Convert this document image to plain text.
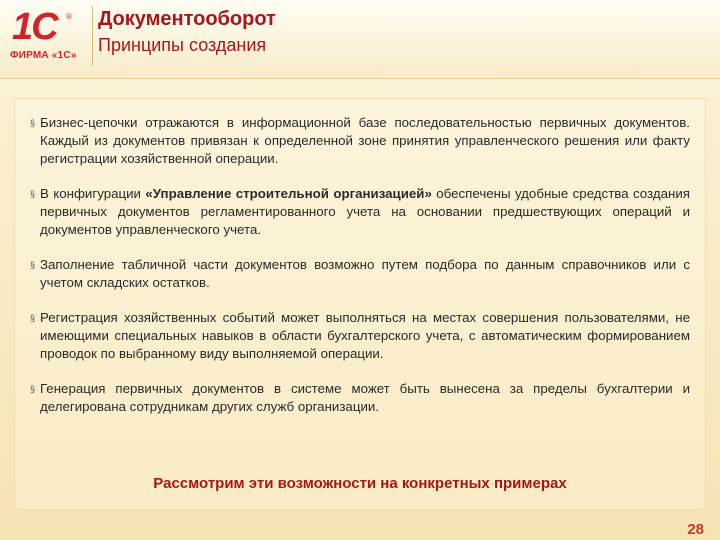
1С ®
ФИРМА «1С»
Документооборот
Принципы создания
§ Бизнес-цепочки отражаются в информационной базе последовательностью первичных документов. Каждый из документов привязан к определенной зоне принятия управленческого решения или факту регистрации хозяйственной операции.
§ В конфигурации «Управление строительной организацией» обеспечены удобные средства создания первичных документов регламентированного учета на основании предшествующих операций и документов управленческого учета.
§ Заполнение табличной части документов возможно путем подбора по данным справочников или с учетом складских остатков.
§ Регистрация хозяйственных событий может выполняться на местах совершения пользователями, не имеющими специальных навыков в области бухгалтерского учета, с автоматическим формированием проводок по выбранному виду выполняемой операции.
§ Генерация первичных документов в системе может быть вынесена за пределы бухгалтерии и делегирована сотрудникам других служб организации.
Рассмотрим эти возможности на конкретных примерах
28
